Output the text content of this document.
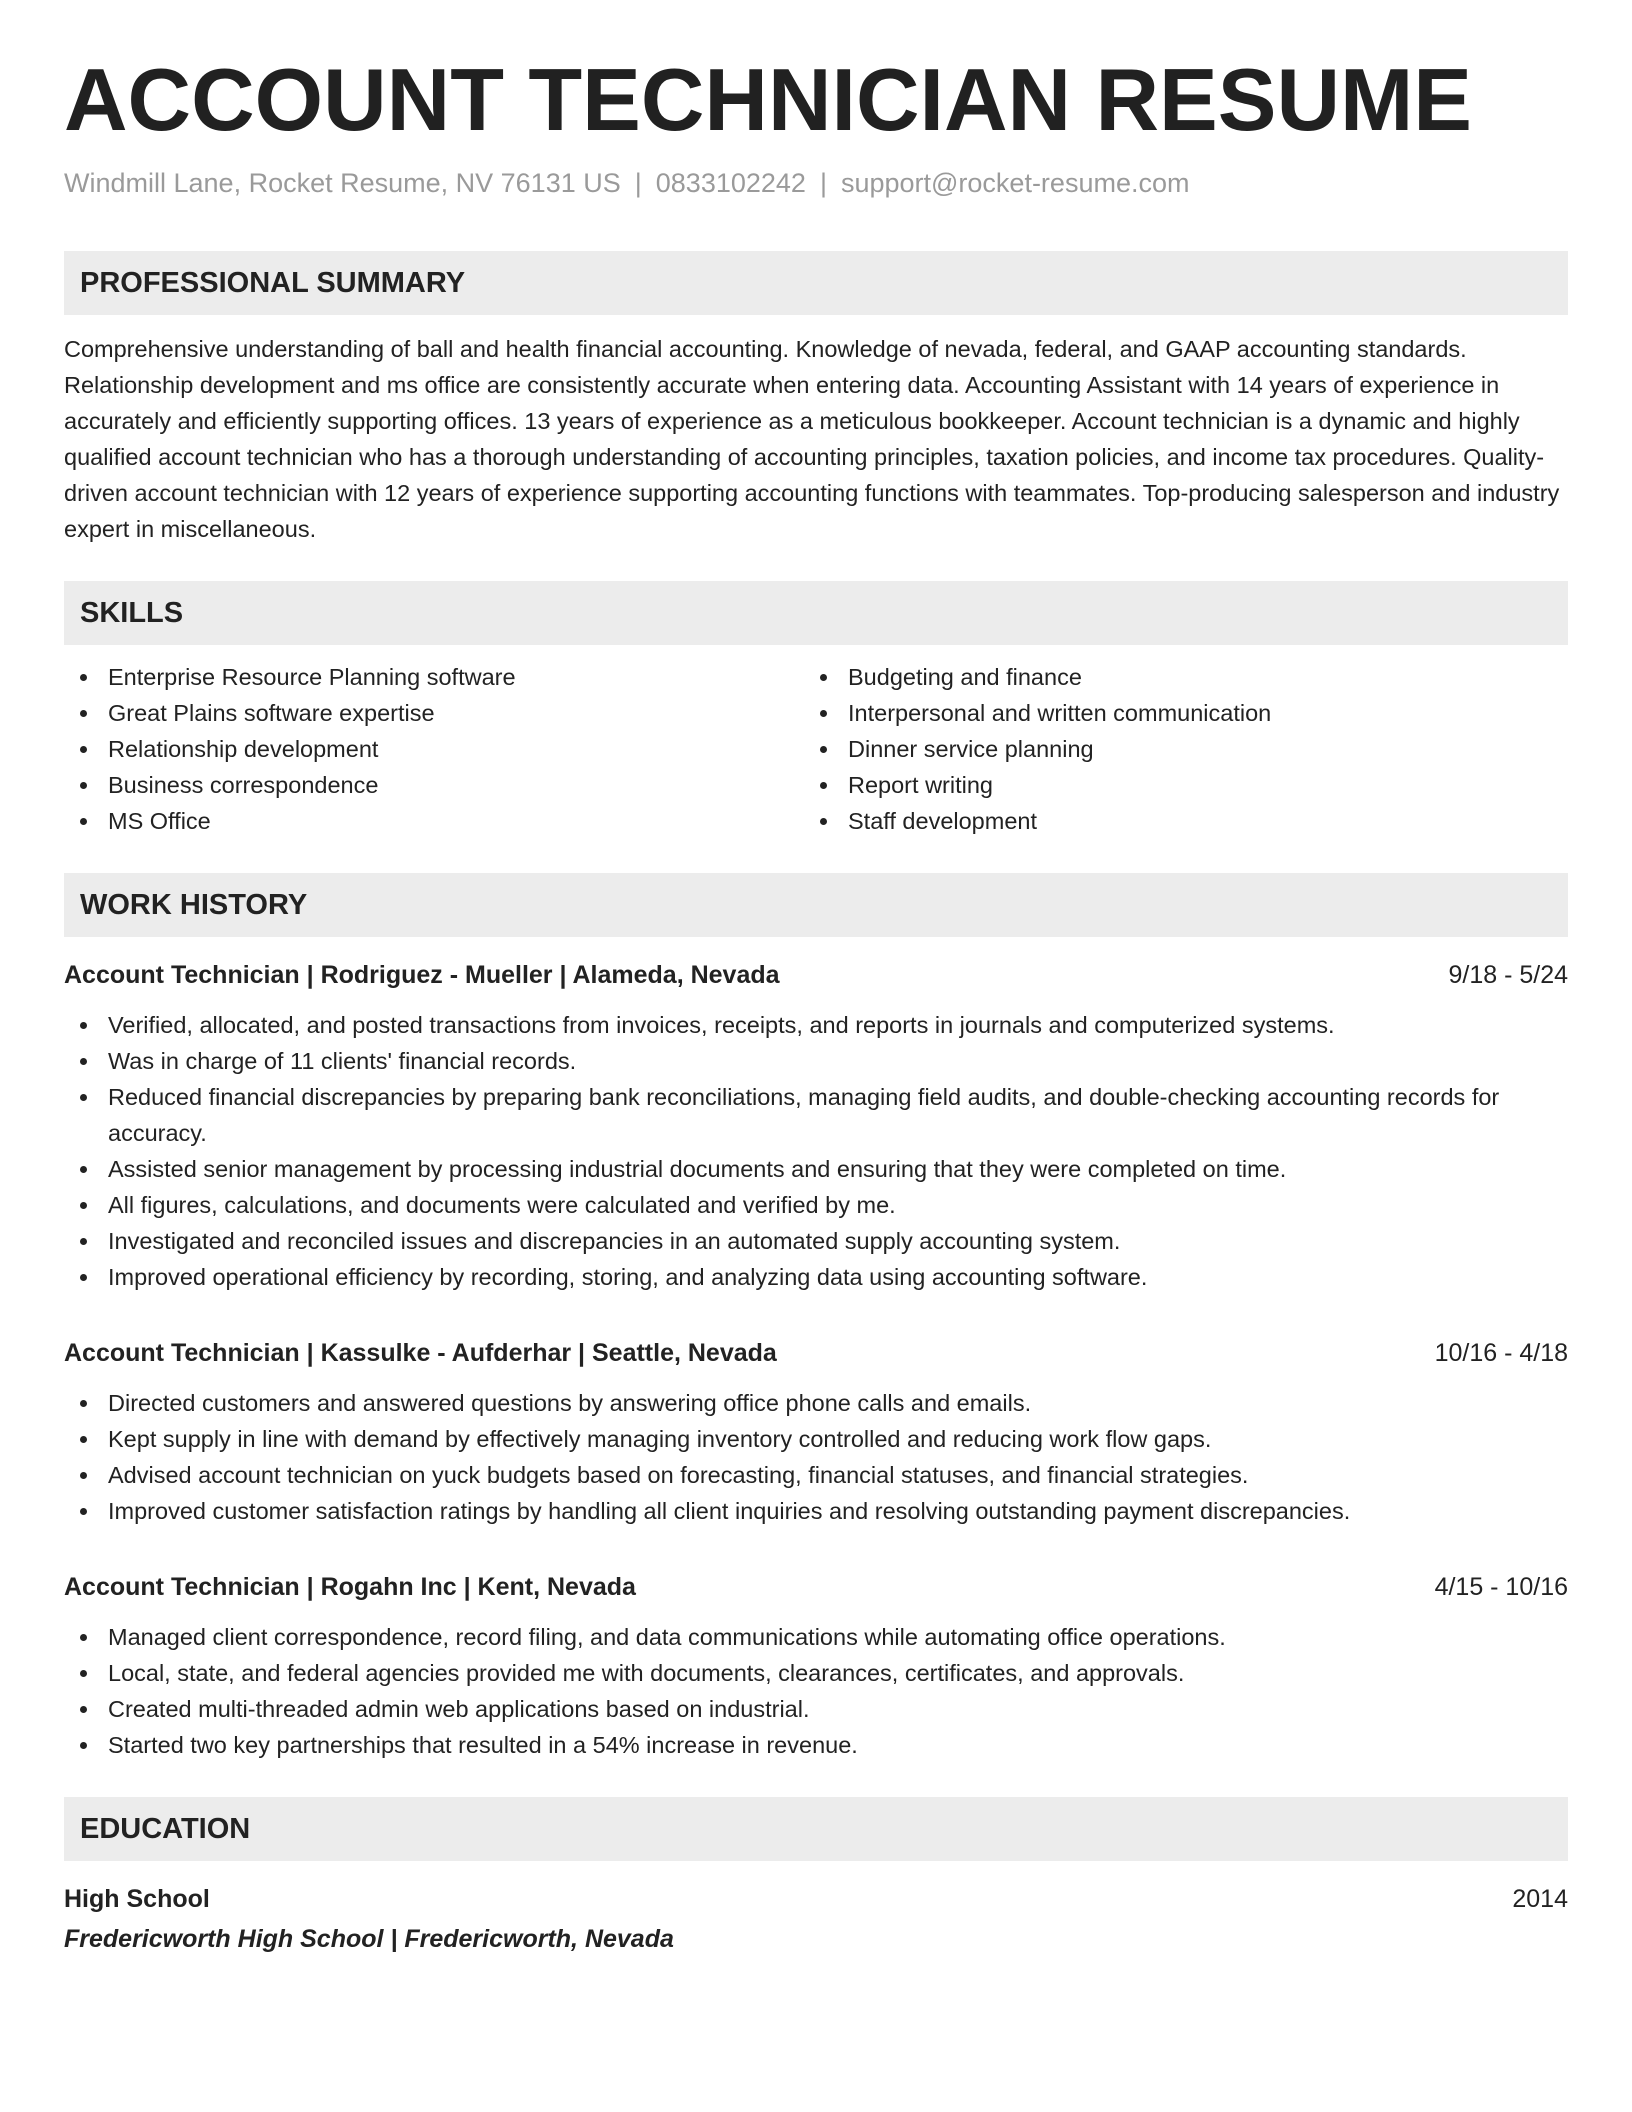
ACCOUNT TECHNICIAN RESUME
Windmill Lane, Rocket Resume, NV 76131 US | 0833102242 | support@rocket-resume.com
PROFESSIONAL SUMMARY
Comprehensive understanding of ball and health financial accounting. Knowledge of nevada, federal, and GAAP accounting standards. Relationship development and ms office are consistently accurate when entering data. Accounting Assistant with 14 years of experience in accurately and efficiently supporting offices. 13 years of experience as a meticulous bookkeeper. Account technician is a dynamic and highly qualified account technician who has a thorough understanding of accounting principles, taxation policies, and income tax procedures. Quality-driven account technician with 12 years of experience supporting accounting functions with teammates. Top-producing salesperson and industry expert in miscellaneous.
SKILLS
Enterprise Resource Planning software
Great Plains software expertise
Relationship development
Business correspondence
MS Office
Budgeting and finance
Interpersonal and written communication
Dinner service planning
Report writing
Staff development
WORK HISTORY
Account Technician | Rodriguez - Mueller | Alameda, Nevada	9/18 - 5/24
Verified, allocated, and posted transactions from invoices, receipts, and reports in journals and computerized systems.
Was in charge of 11 clients' financial records.
Reduced financial discrepancies by preparing bank reconciliations, managing field audits, and double-checking accounting records for accuracy.
Assisted senior management by processing industrial documents and ensuring that they were completed on time.
All figures, calculations, and documents were calculated and verified by me.
Investigated and reconciled issues and discrepancies in an automated supply accounting system.
Improved operational efficiency by recording, storing, and analyzing data using accounting software.
Account Technician | Kassulke - Aufderhar | Seattle, Nevada	10/16 - 4/18
Directed customers and answered questions by answering office phone calls and emails.
Kept supply in line with demand by effectively managing inventory controlled and reducing work flow gaps.
Advised account technician on yuck budgets based on forecasting, financial statuses, and financial strategies.
Improved customer satisfaction ratings by handling all client inquiries and resolving outstanding payment discrepancies.
Account Technician | Rogahn Inc | Kent, Nevada	4/15 - 10/16
Managed client correspondence, record filing, and data communications while automating office operations.
Local, state, and federal agencies provided me with documents, clearances, certificates, and approvals.
Created multi-threaded admin web applications based on industrial.
Started two key partnerships that resulted in a 54% increase in revenue.
EDUCATION
High School	2014
Fredericworth High School | Fredericworth, Nevada
